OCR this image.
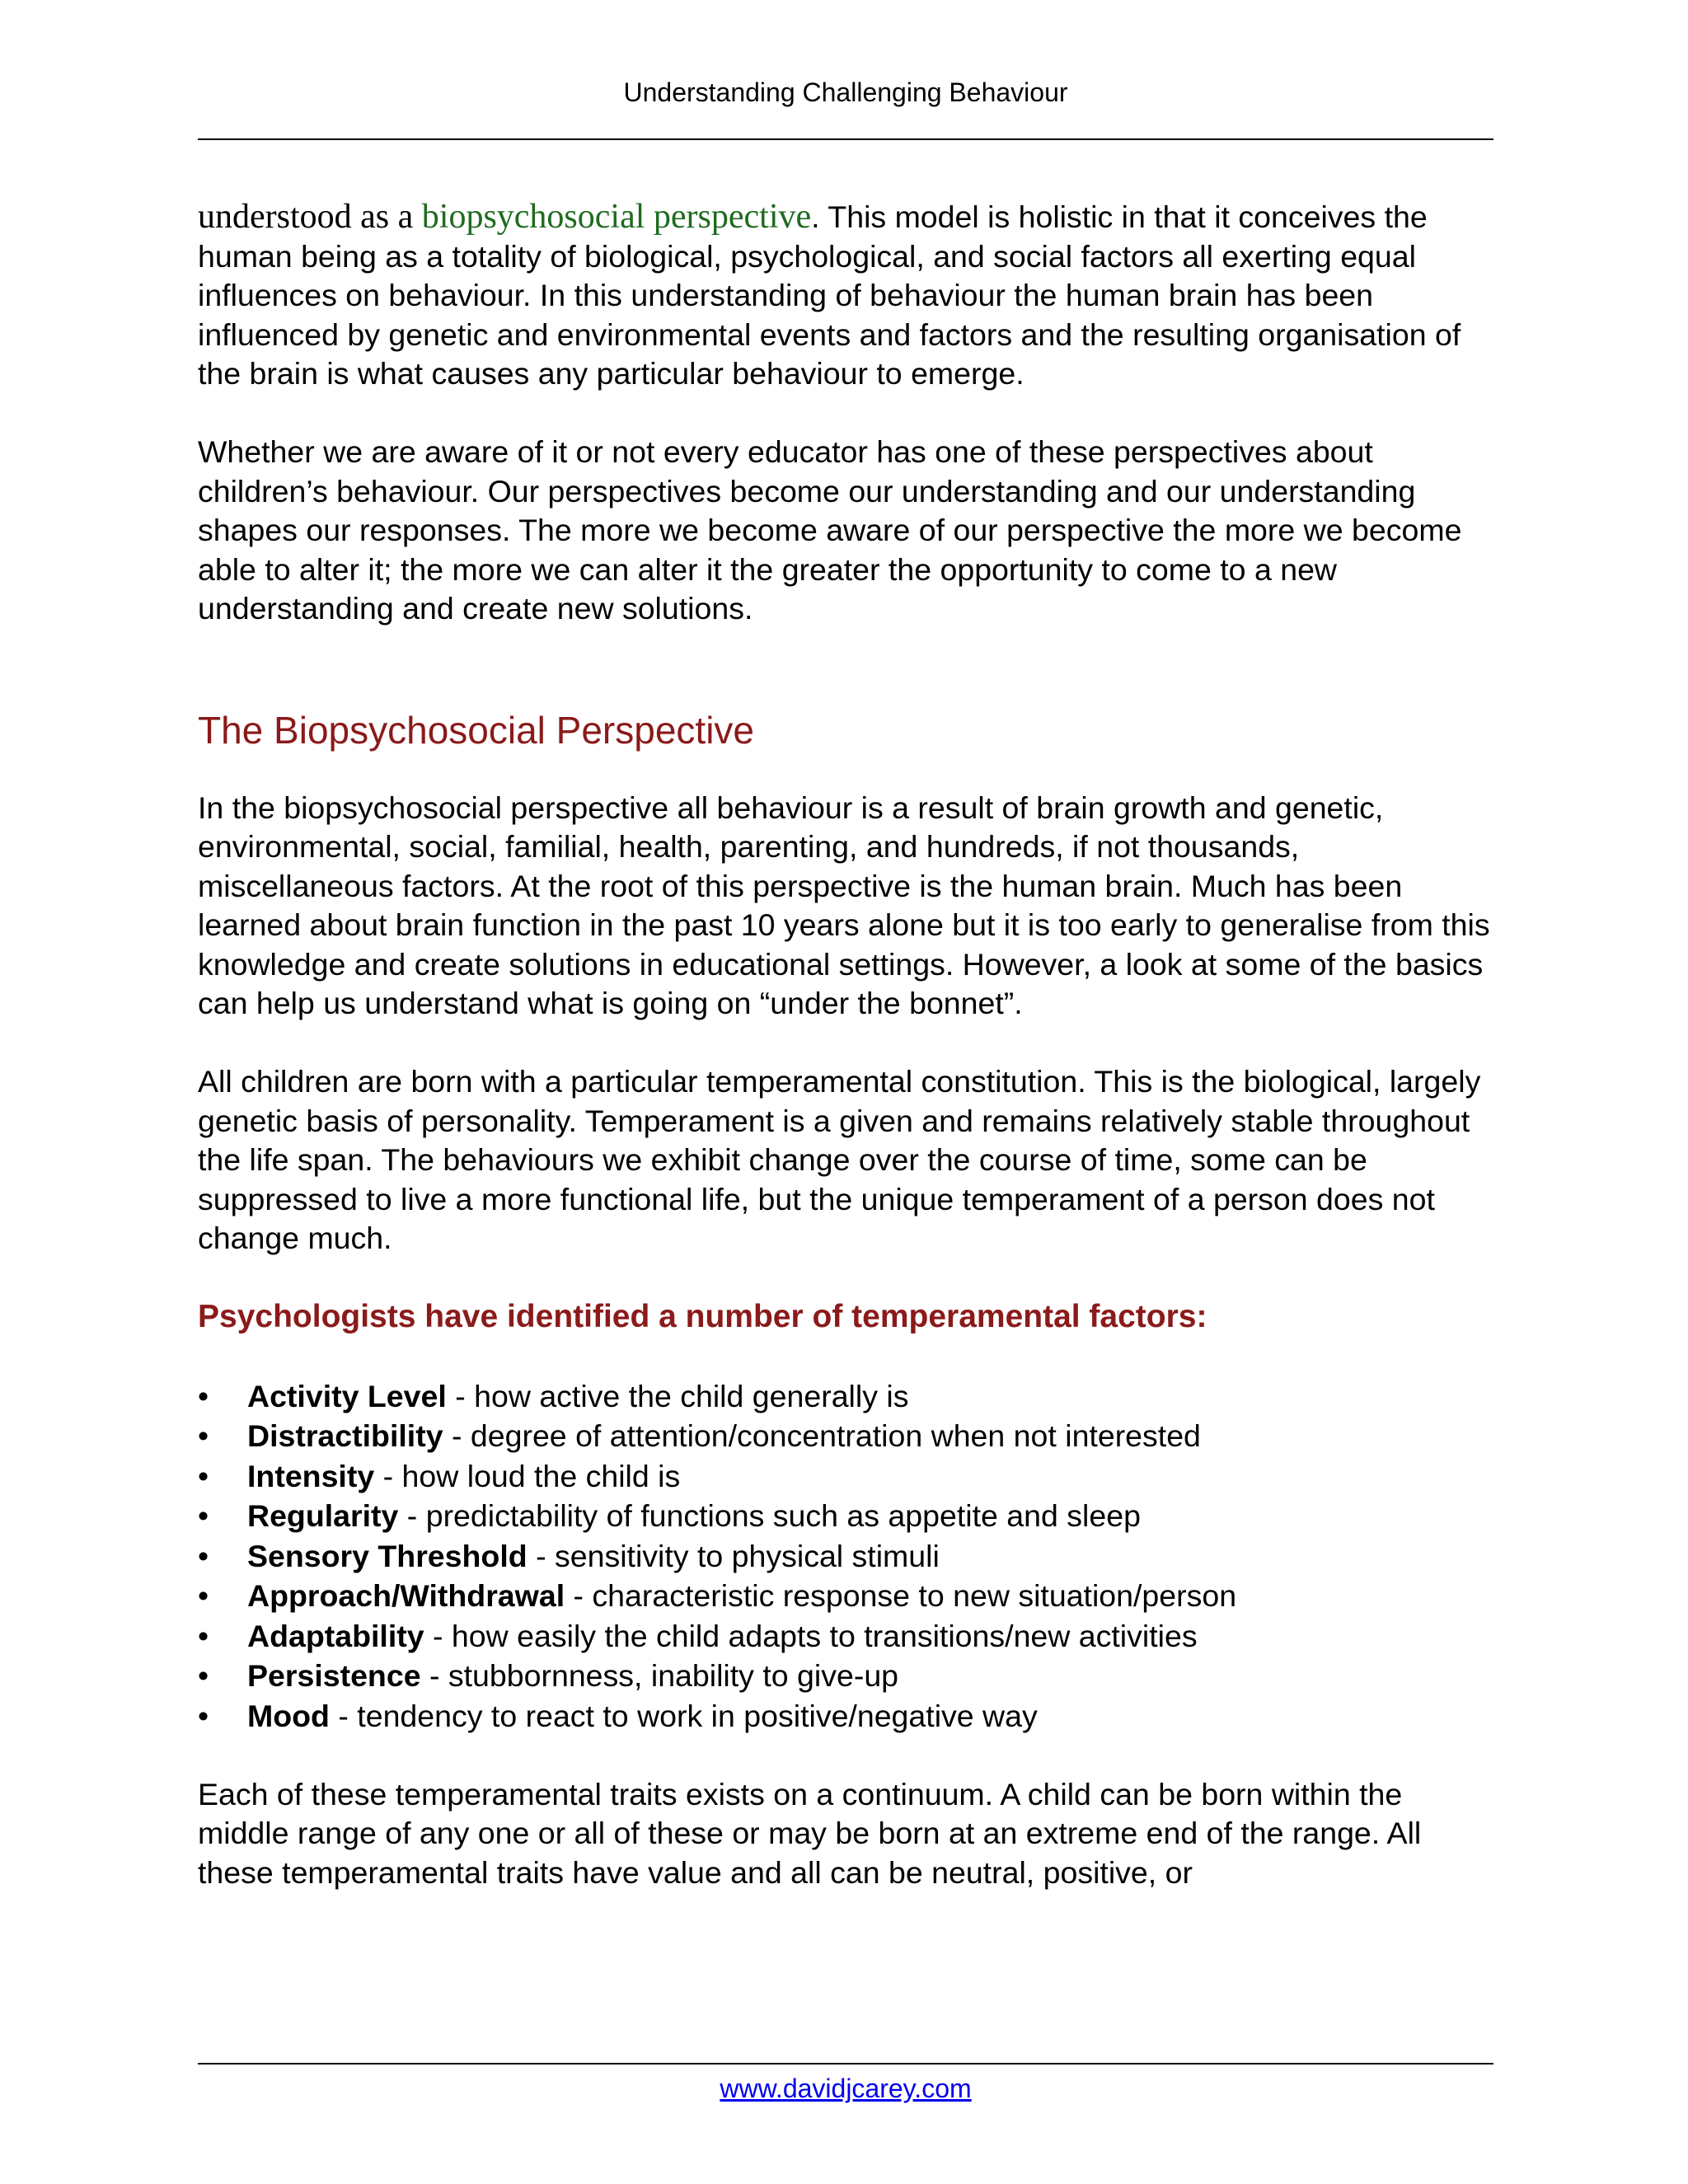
Understanding Challenging Behaviour

understood as a biopsychosocial perspective. This model is holistic in that it conceives the human being as a totality of biological, psychological, and social factors all exerting equal influences on behaviour. In this understanding of behaviour the human brain has been influenced by genetic and environmental events and factors and the resulting organisation of the brain is what causes any particular behaviour to emerge.

Whether we are aware of it or not every educator has one of these perspectives about children’s behaviour. Our perspectives become our understanding and our understanding shapes our responses. The more we become aware of our perspective the more we become able to alter it; the more we can alter it the greater the opportunity to come to a new understanding and create new solutions.

The Biopsychosocial Perspective

In the biopsychosocial perspective all behaviour is a result of brain growth and genetic, environmental, social, familial, health, parenting, and hundreds, if not thousands, miscellaneous factors. At the root of this perspective is the human brain. Much has been learned about brain function in the past 10 years alone but it is too early to generalise from this knowledge and create solutions in educational settings. However, a look at some of the basics can help us understand what is going on “under the bonnet”.

All children are born with a particular temperamental constitution. This is the biological, largely genetic basis of personality. Temperament is a given and remains relatively stable throughout the life span. The behaviours we exhibit change over the course of time, some can be suppressed to live a more functional life, but the unique temperament of a person does not change much.

Psychologists have identified a number of temperamental factors:
•	Activity Level - how active the child generally is
•	Distractibility - degree of attention/concentration when not interested
•	Intensity - how loud the child is
•	Regularity - predictability of functions such as appetite and sleep
•	Sensory Threshold - sensitivity to physical stimuli
•	Approach/Withdrawal - characteristic response to new situation/person
•	Adaptability - how easily the child adapts to transitions/new activities
•	Persistence - stubbornness, inability to give-up
•	Mood - tendency to react to work in positive/negative way

Each of these temperamental traits exists on a continuum. A child can be born within the middle range of any one or all of these or may be born at an extreme end of the range. All these temperamental traits have value and all can be neutral, positive, or

www.davidjcarey.com
